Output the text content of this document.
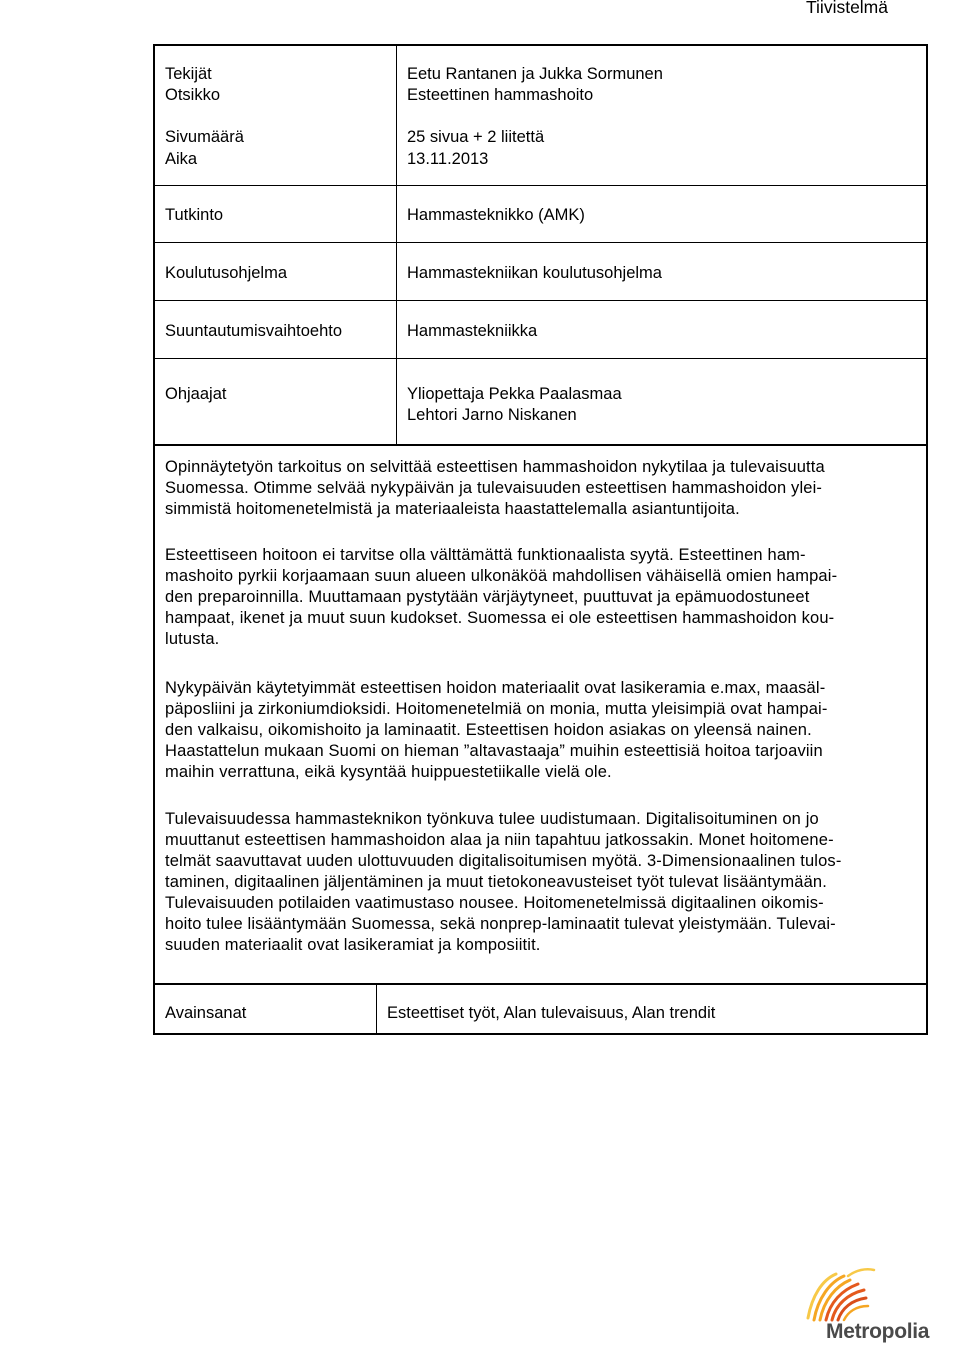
Tiivistelmä
Tekijät	Eetu Rantanen ja Jukka Sormunen
Otsikko	Esteettinen hammashoito
Sivumäärä	25 sivua + 2 liitettä
Aika	13.11.2013
Tutkinto	Hammasteknikko (AMK)
Koulutusohjelma	Hammastekniikan koulutusohjelma
Suuntautumisvaihtoehto	Hammastekniikka
Ohjaajat	Yliopettaja Pekka Paalasmaa
Lehtori Jarno Niskanen

Opinnäytetyön tarkoitus on selvittää esteettisen hammashoidon nykytilaa ja tulevaisuutta
Suomessa. Otimme selvää nykypäivän ja tulevaisuuden esteettisen hammashoidon ylei-
simmistä hoitomenetelmistä ja materiaaleista haastattelemalla asiantuntijoita.

Esteettiseen hoitoon ei tarvitse olla välttämättä funktionaalista syytä. Esteettinen ham-
mashoito pyrkii korjaamaan suun alueen ulkonäköä mahdollisen vähäisellä omien hampai-
den preparoinnilla. Muuttamaan pystytään värjäytyneet, puuttuvat ja epämuodostuneet
hampaat, ikenet ja muut suun kudokset. Suomessa ei ole esteettisen hammashoidon kou-
lutusta.

Nykypäivän käytetyimmät esteettisen hoidon materiaalit ovat lasikeramia e.max, maasäl-
päposliini ja zirkoniumdioksidi. Hoitomenetelmiä on monia, mutta yleisimpiä ovat hampai-
den valkaisu, oikomishoito ja laminaatit. Esteettisen hoidon asiakas on yleensä nainen.
Haastattelun mukaan Suomi on hieman ”altavastaaja” muihin esteettisiä hoitoa tarjoaviin
maihin verrattuna, eikä kysyntää huippuestetiikalle vielä ole.

Tulevaisuudessa hammasteknikon työnkuva tulee uudistumaan. Digitalisoituminen on jo
muuttanut esteettisen hammashoidon alaa ja niin tapahtuu jatkossakin. Monet hoitomene-
telmät saavuttavat uuden ulottuvuuden digitalisoitumisen myötä. 3-Dimensionaalinen tulos-
taminen, digitaalinen jäljentäminen ja muut tietokoneavusteiset työt tulevat lisääntymään.
Tulevaisuuden potilaiden vaatimustaso nousee. Hoitomenetelmissä digitaalinen oikomis-
hoito tulee lisääntymään Suomessa, sekä nonprep-laminaatit tulevat yleistymään. Tulevai-
suuden materiaalit ovat lasikeramiat ja komposiitit.

Avainsanat	Esteettiset työt, Alan tulevaisuus, Alan trendit
Metropolia
